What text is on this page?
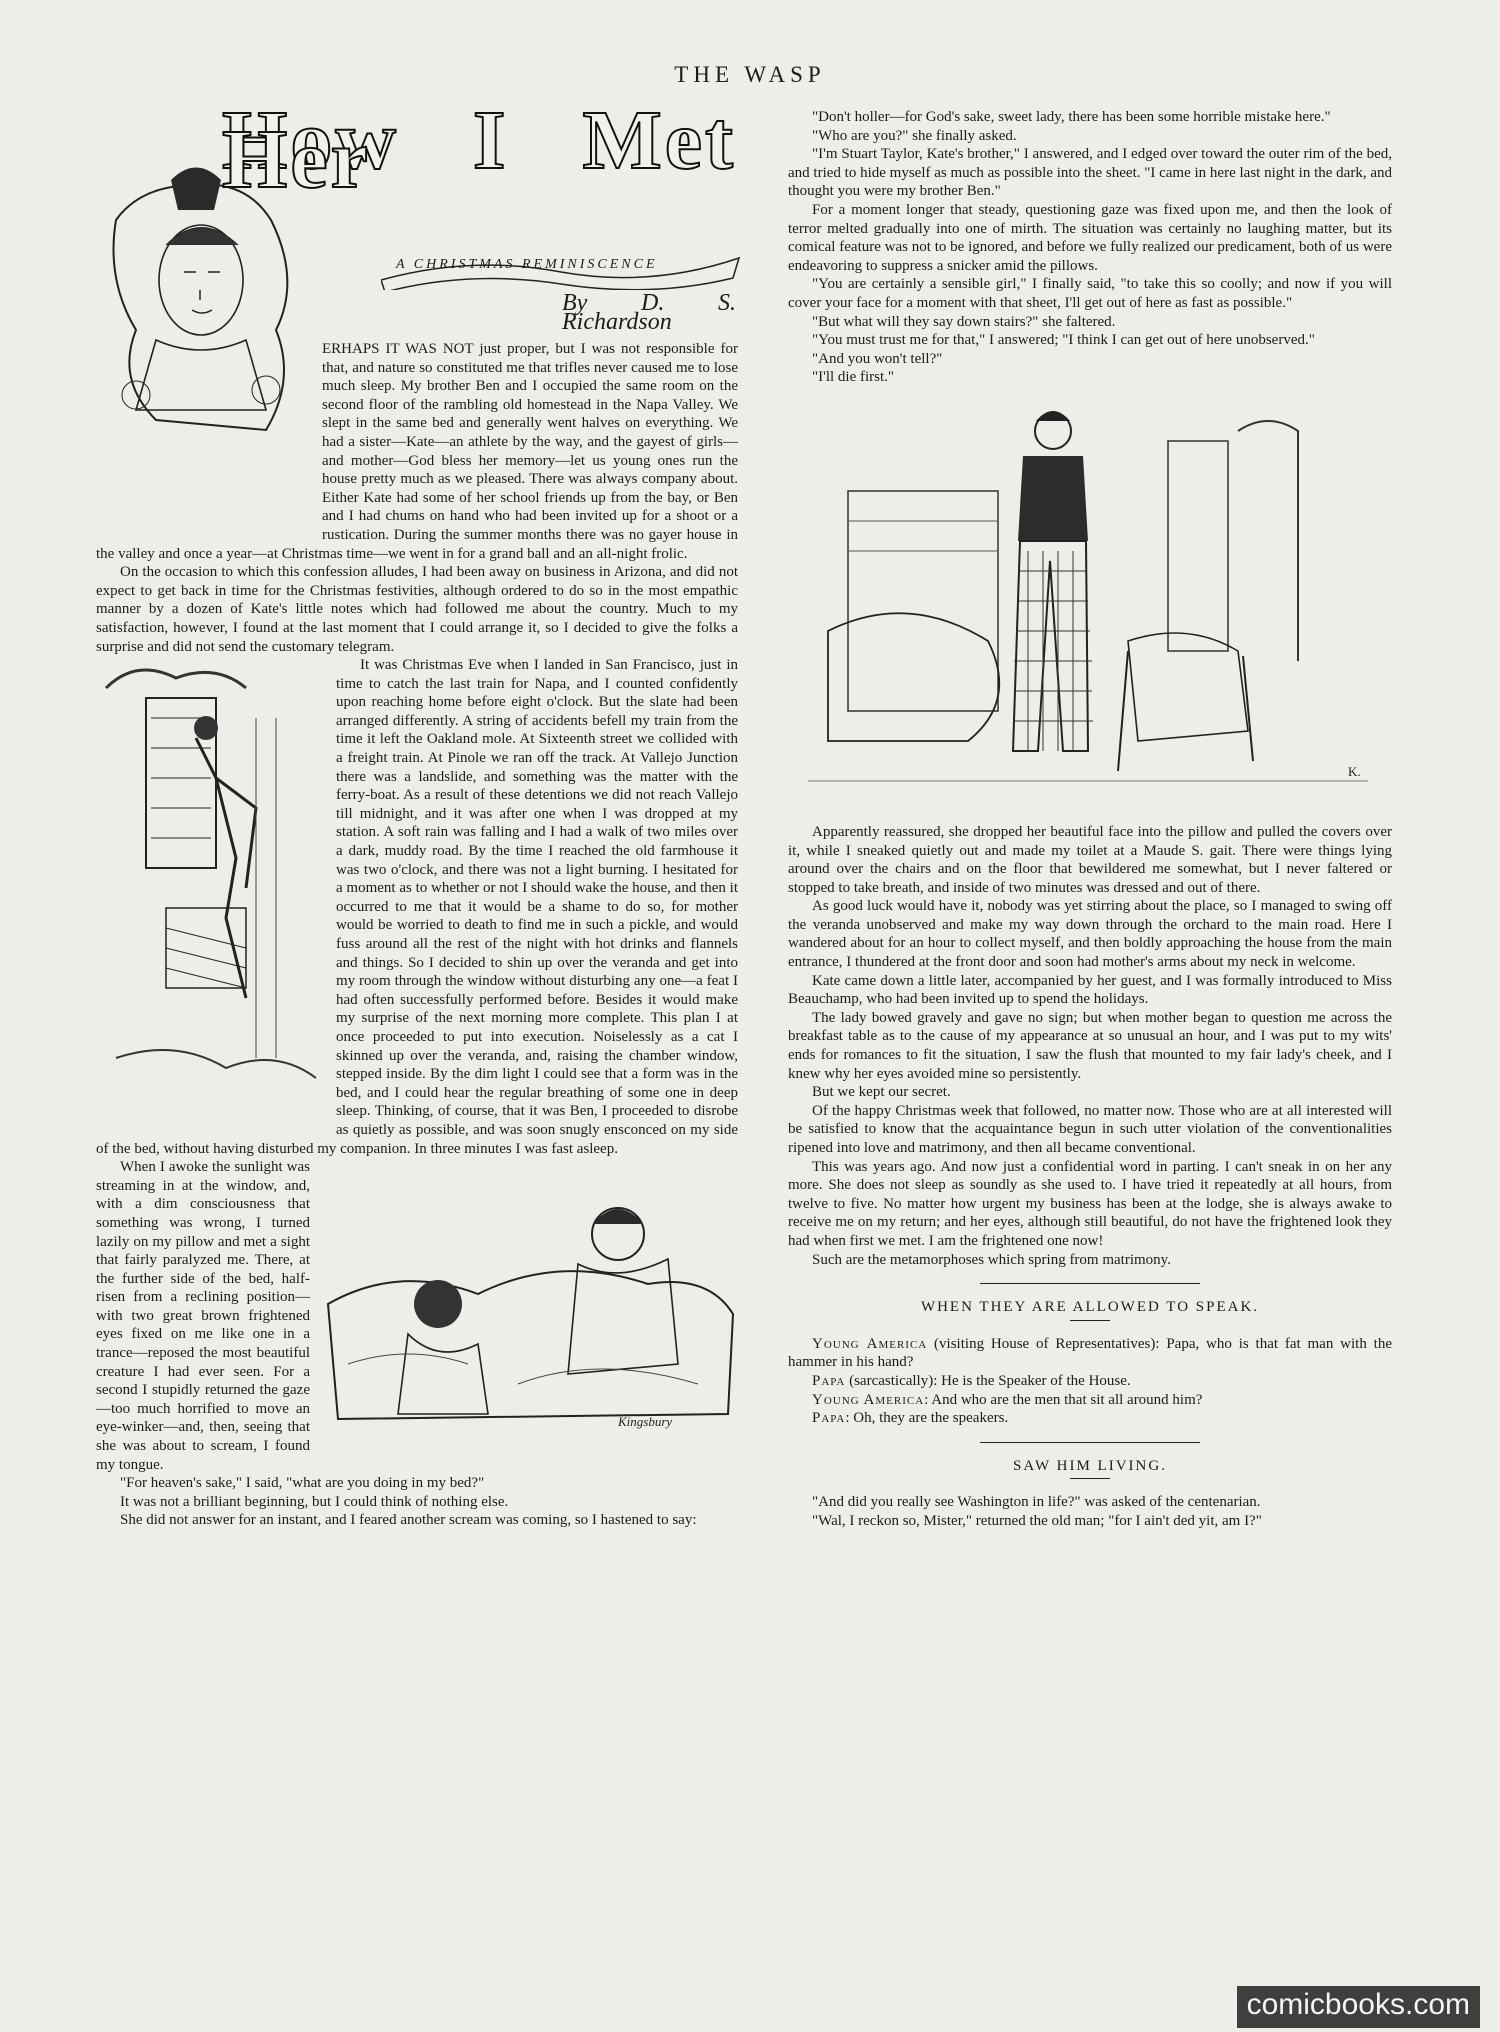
THE WASP
How I Met Her
A CHRISTMAS REMINISCENCE
By D. S. Richardson

ERHAPS IT WAS NOT just proper, but I was not responsible for that, and nature so constituted me that trifles never caused me to lose much sleep. My brother Ben and I occupied the same room on the second floor of the rambling old homestead in the Napa Valley. We slept in the same bed and generally went halves on everything. We had a sister—Kate—an athlete by the way, and the gayest of girls—and mother—God bless her memory—let us young ones run the house pretty much as we pleased. There was always company about. Either Kate had some of her school friends up from the bay, or Ben and I had chums on hand who had been invited up for a shoot or a rustication. During the summer months there was no gayer house in the valley and once a year—at Christmas time—we went in for a grand ball and an all-night frolic.

On the occasion to which this confession alludes, I had been away on business in Arizona, and did not expect to get back in time for the Christmas festivities, although ordered to do so in the most empathic manner by a dozen of Kate's little notes which had followed me about the country. Much to my satisfaction, however, I found at the last moment that I could arrange it, so I decided to give the folks a surprise and did not send the customary telegram.

It was Christmas Eve when I landed in San Francisco, just in time to catch the last train for Napa, and I counted confidently upon reaching home before eight o'clock. But the slate had been arranged differently. A string of accidents befell my train from the time it left the Oakland mole. At Sixteenth street we collided with a freight train. At Pinole we ran off the track. At Vallejo Junction there was a landslide, and something was the matter with the ferry-boat. As a result of these detentions we did not reach Vallejo till midnight, and it was after one when I was dropped at my station. A soft rain was falling and I had a walk of two miles over a dark, muddy road. By the time I reached the old farmhouse it was two o'clock, and there was not a light burning. I hesitated for a moment as to whether or not I should wake the house, and then it occurred to me that it would be a shame to do so, for mother would be worried to death to find me in such a pickle, and would fuss around all the rest of the night with hot drinks and flannels and things. So I decided to shin up over the veranda and get into my room through the window without disturbing any one—a feat I had often successfully performed before. Besides it would make my surprise of the next morning more complete. This plan I at once proceeded to put into execution. Noiselessly as a cat I skinned up over the veranda, and, raising the chamber window, stepped inside. By the dim light I could see that a form was in the bed, and I could hear the regular breathing of some one in deep sleep. Thinking, of course, that it was Ben, I proceeded to disrobe as quietly as possible, and was soon snugly ensconced on my side of the bed, without having disturbed my companion. In three minutes I was fast asleep.

Kingsbury

When I awoke the sunlight was streaming in at the window, and, with a dim consciousness that something was wrong, I turned lazily on my pillow and met a sight that fairly paralyzed me. There, at the further side of the bed, half-risen from a reclining position—with two great brown frightened eyes fixed on me like one in a trance—reposed the most beautiful creature I had ever seen. For a second I stupidly returned the gaze—too much horrified to move an eye-winker—and, then, seeing that she was about to scream, I found my tongue.

"For heaven's sake," I said, "what are you doing in my bed?"

It was not a brilliant beginning, but I could think of nothing else.

She did not answer for an instant, and I feared another scream was coming, so I hastened to say:

"Don't holler—for God's sake, sweet lady, there has been some horrible mistake here."

"Who are you?" she finally asked.

"I'm Stuart Taylor, Kate's brother," I answered, and I edged over toward the outer rim of the bed, and tried to hide myself as much as possible into the sheet. "I came in here last night in the dark, and thought you were my brother Ben."

For a moment longer that steady, questioning gaze was fixed upon me, and then the look of terror melted gradually into one of mirth. The situation was certainly no laughing matter, but its comical feature was not to be ignored, and before we fully realized our predicament, both of us were endeavoring to suppress a snicker amid the pillows.

"You are certainly a sensible girl," I finally said, "to take this so coolly; and now if you will cover your face for a moment with that sheet, I'll get out of here as fast as possible."

"But what will they say down stairs?" she faltered.

"You must trust me for that," I answered; "I think I can get out of here unobserved."

"And you won't tell?"

"I'll die first."

K.

Apparently reassured, she dropped her beautiful face into the pillow and pulled the covers over it, while I sneaked quietly out and made my toilet at a Maude S. gait. There were things lying around over the chairs and on the floor that bewildered me somewhat, but I never faltered or stopped to take breath, and inside of two minutes was dressed and out of there.

As good luck would have it, nobody was yet stirring about the place, so I managed to swing off the veranda unobserved and make my way down through the orchard to the main road. Here I wandered about for an hour to collect myself, and then boldly approaching the house from the main entrance, I thundered at the front door and soon had mother's arms about my neck in welcome.

Kate came down a little later, accompanied by her guest, and I was formally introduced to Miss Beauchamp, who had been invited up to spend the holidays.

The lady bowed gravely and gave no sign; but when mother began to question me across the breakfast table as to the cause of my appearance at so unusual an hour, and I was put to my wits' ends for romances to fit the situation, I saw the flush that mounted to my fair lady's cheek, and I knew why her eyes avoided mine so persistently.

But we kept our secret.

Of the happy Christmas week that followed, no matter now. Those who are at all interested will be satisfied to know that the acquaintance begun in such utter violation of the conventionalities ripened into love and matrimony, and then all became conventional.

This was years ago. And now just a confidential word in parting. I can't sneak in on her any more. She does not sleep as soundly as she used to. I have tried it repeatedly at all hours, from twelve to five. No matter how urgent my business has been at the lodge, she is always awake to receive me on my return; and her eyes, although still beautiful, do not have the frightened look they had when first we met. I am the frightened one now!

Such are the metamorphoses which spring from matrimony.

WHEN THEY ARE ALLOWED TO SPEAK.

Young America (visiting House of Representatives): Papa, who is that fat man with the hammer in his hand?

Papa (sarcastically): He is the Speaker of the House.

Young America: And who are the men that sit all around him?

Papa: Oh, they are the speakers.

SAW HIM LIVING.

"And did you really see Washington in life?" was asked of the centenarian.

"Wal, I reckon so, Mister," returned the old man; "for I ain't ded yit, am I?"

comicbooks.com
